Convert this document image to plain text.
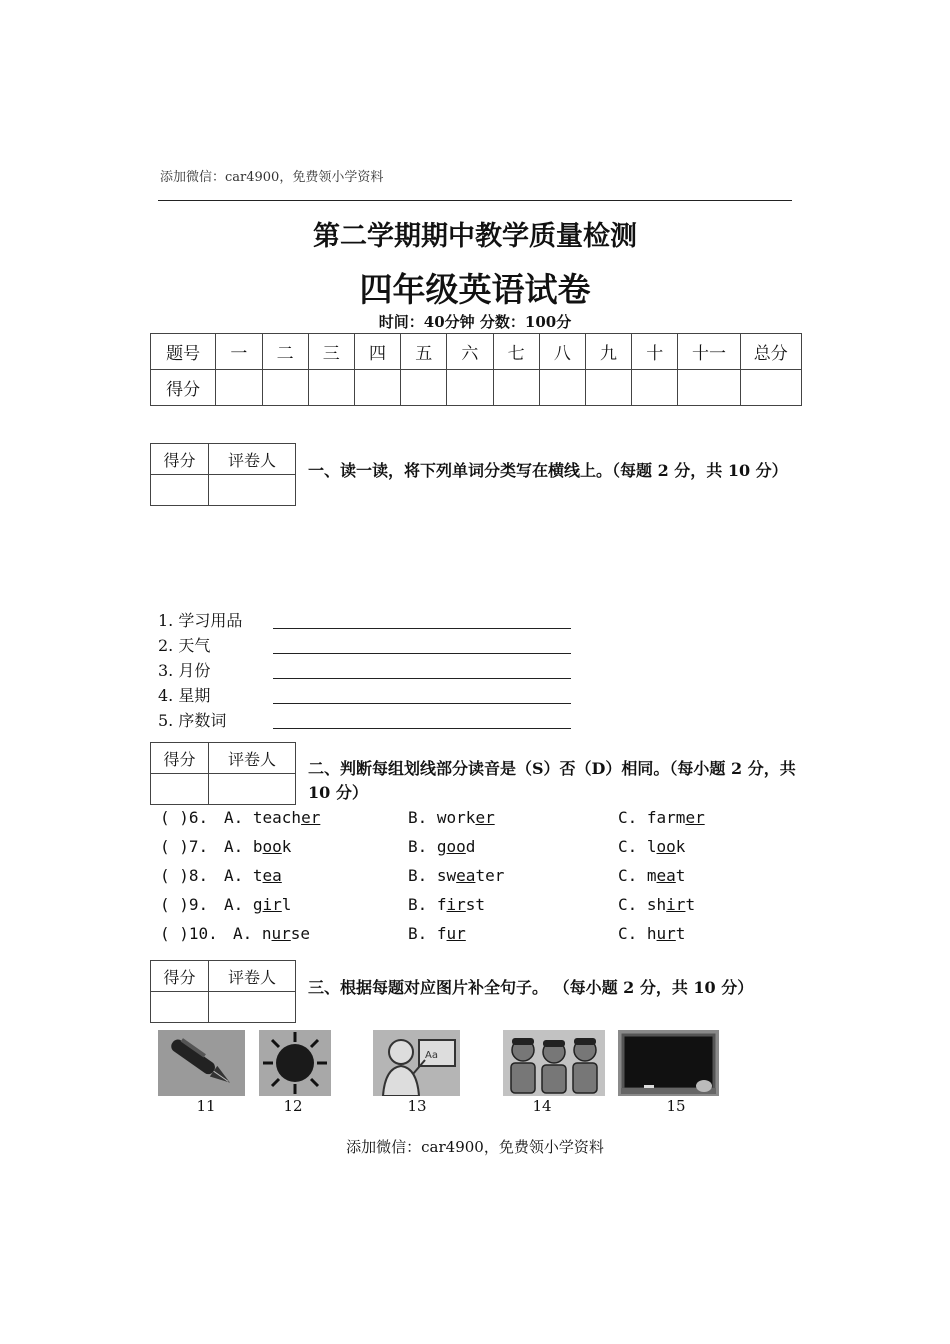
添加微信：car4900，免费领小学资料
第二学期期中教学质量检测
四年级英语试卷
时间：40分钟 分数：100分
题号	一	二	三	四	五	六	七	八	九	十	十一	总分
得分												
得分	评卷人

一、读一读，将下列单词分类写在横线上。（每题 2 分，共 10 分）
1. 学习用品
2. 天气
3. 月份
4. 星期
5. 序数词
得分	评卷人
	二、判断每组划线部分读音是（S）否（D）相同。（每小题 2 分，共 10 分）
( )6. A. teacher	B. worker	C. farmer
( )7. A. book	B. good	C. look
( )8. A. tea	B. sweater	C. meat
( )9. A. girl	B. first	C. shirt
( )10. A. nurse	B. fur	C. hurt
得分	评卷人

三、根据每题对应图片补全句子。 （每小题 2 分，共 10 分）
Aa
11	12	13	14	15
添加微信：car4900，免费领小学资料
